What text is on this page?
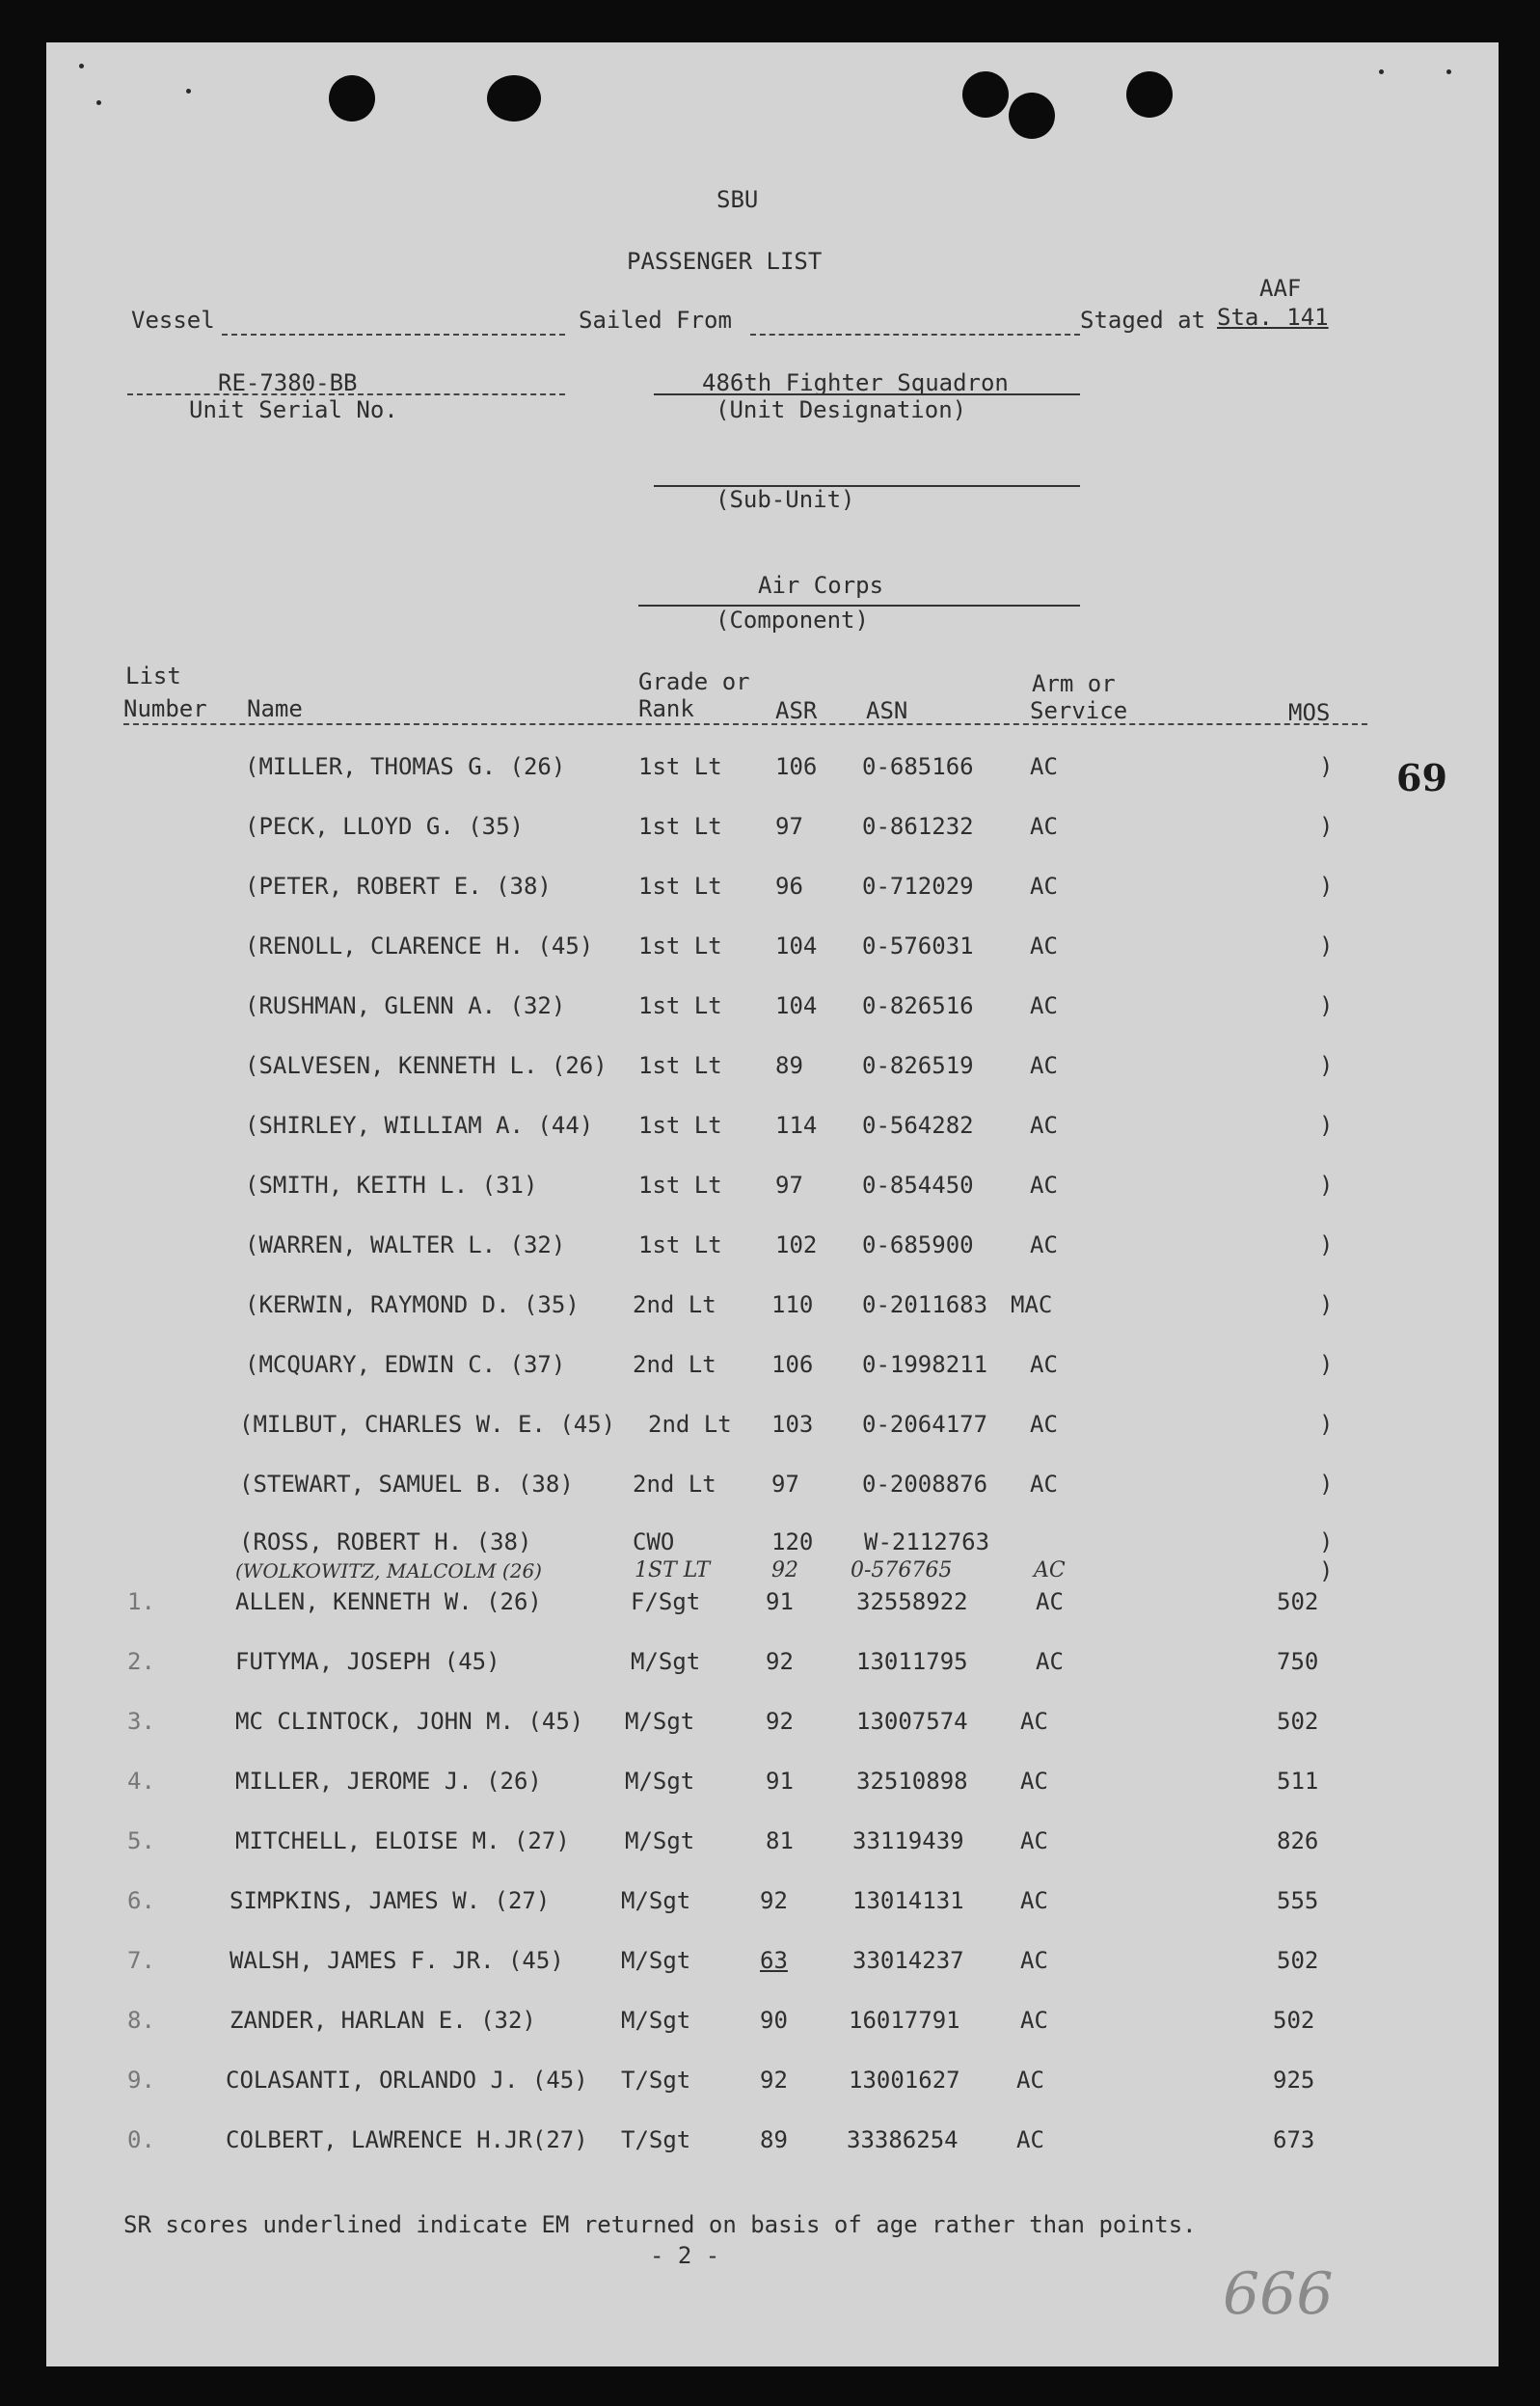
SBU
PASSENGER LIST
AAF
Vessel	Sailed From	Staged at Sta. 141
RE-7380-BB
Unit Serial No.
486th Fighter Squadron
(Unit Designation)
(Sub-Unit)
Air Corps
(Component)
List
Number Name
Grade or
Rank	ASR ASN
Arm or
Service	MOS
69
(MILLER, THOMAS G. (26)	1st Lt 106 0-685166 AC	)
(PECK, LLOYD G. (35)	1st Lt 97	0-861232 AC	)
(PETER, ROBERT E. (38)	1st Lt 96	0-712029 AC	)
(RENOLL, CLARENCE H. (45) 1st Lt 104 0-576031 AC	)
(RUSHMAN, GLENN A. (32)	1st Lt 104 0-826516 AC	)
(SALVESEN, KENNETH L. (26) 1st Lt 89	0-826519 AC	)
(SHIRLEY, WILLIAM A. (44) 1st Lt 114 0-564282 AC	)
(SMITH, KEITH L. (31)	1st Lt 97	0-854450 AC	)
(WARREN, WALTER L. (32)	1st Lt 102 0-685900 AC	)
(KERWIN, RAYMOND D. (35) 2nd Lt 110 0-2011683 MAC	)
(MCQUARY, EDWIN C. (37)	2nd Lt 106 0-1998211 AC	)
(MILBUT, CHARLES W. E. (45) 2nd Lt 103 0-2064177 AC	)
(STEWART, SAMUEL B. (38)	2nd Lt 97	0-2008876 AC	)
(ROSS, ROBERT H. (38)	CWO	120 W-2112763	)
(WOLKOWITZ, MALCOLM (26)	1ST LT	92 0-576765	AC	)
1.	ALLEN, KENNETH W. (26)	F/Sgt	91	32558922	AC	502
2.	FUTYMA, JOSEPH (45)	M/Sgt	92	13011795	AC	750
3.	MC CLINTOCK, JOHN M. (45) M/Sgt	92	13007574 AC	502
4.	MILLER, JEROME J. (26)	M/Sgt	91	32510898 AC	511
5.	MITCHELL, ELOISE M. (27) M/Sgt	81	33119439 AC	826
6.	SIMPKINS, JAMES W. (27)	M/Sgt	92	13014131 AC	555
7.	WALSH, JAMES F. JR. (45) M/Sgt	63	33014237 AC	502
8.	ZANDER, HARLAN E. (32)	M/Sgt	90	16017791	AC	502
9.	COLASANTI, ORLANDO J. (45) T/Sgt	92	13001627 AC	925
0.	COLBERT, LAWRENCE H.JR(27) T/Sgt	89	33386254	AC	673
SR scores underlined indicate EM returned on basis of age rather than points.
- 2 -
666
